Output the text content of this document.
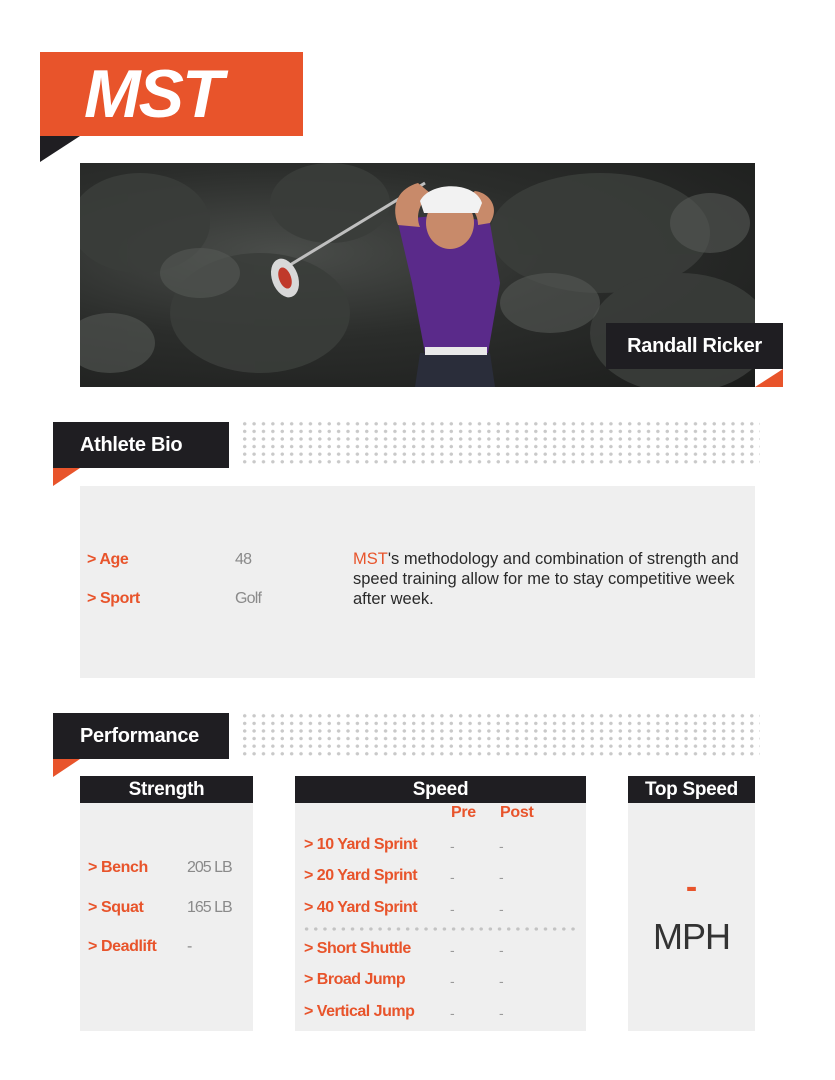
MST
Randall Ricker
Athlete Bio
> Age	48
> Sport	Golf
MST's methodology and combination of strength and speed training allow for me to stay competitive week after week.
Performance
Strength
> Bench 205 LB
> Squat	165 LB
> Deadlift -
Speed
Pre Post
> 10 Yard Sprint -	-
> 20 Yard Sprint -	-
> 40 Yard Sprint -	-
> Short Shuttle	-	-
> Broad Jump	-	-
> Vertical Jump	-	-
Top Speed
-
MPH
